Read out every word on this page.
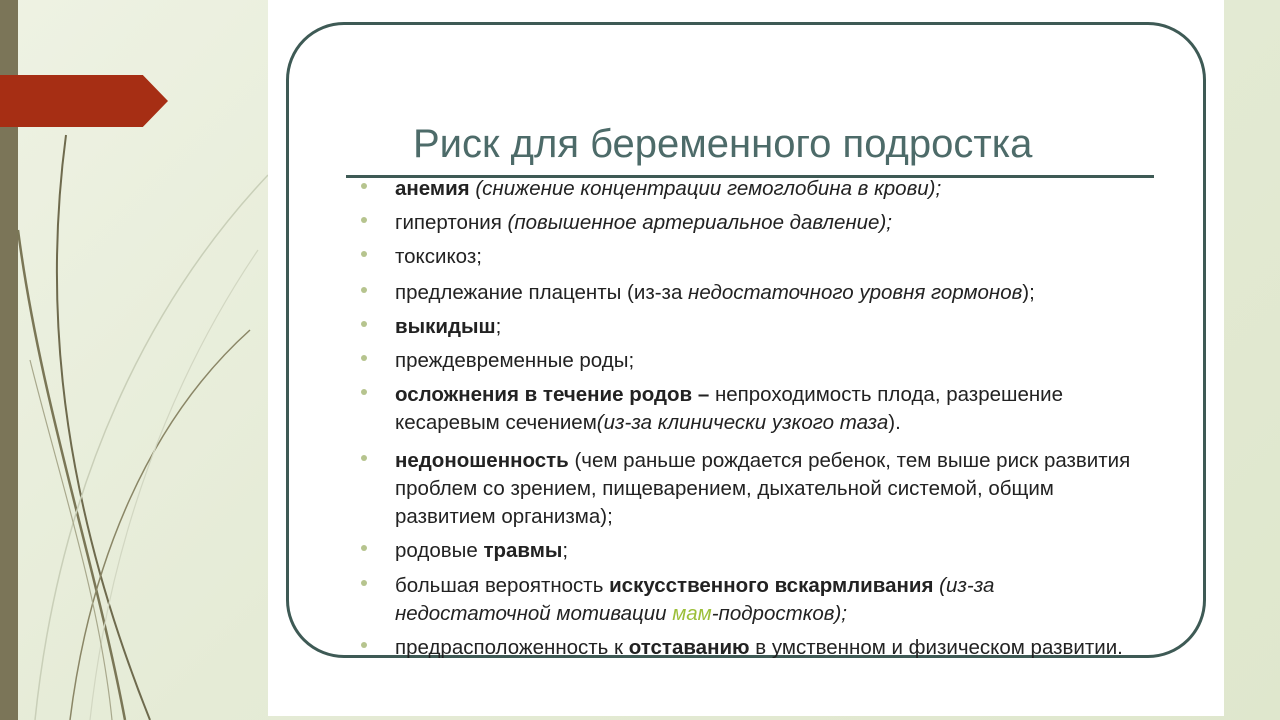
Риск для беременного подростка
анемия (снижение концентрации гемоглобина в крови);
гипертония (повышенное артериальное давление);
токсикоз;
предлежание плаценты (из-за недостаточного уровня гормонов);
выкидыш;
преждевременные роды;
осложнения в течение родов – непроходимость плода, разрешение кесаревым сечением(из-за клинически узкого таза).
недоношенность (чем раньше рождается ребенок, тем выше риск развития проблем со зрением, пищеварением, дыхательной системой, общим развитием организма);
родовые травмы;
большая вероятность искусственного вскармливания (из-за недостаточной мотивации мам-подростков);
предрасположенность к отставанию в умственном и физическом развитии.
